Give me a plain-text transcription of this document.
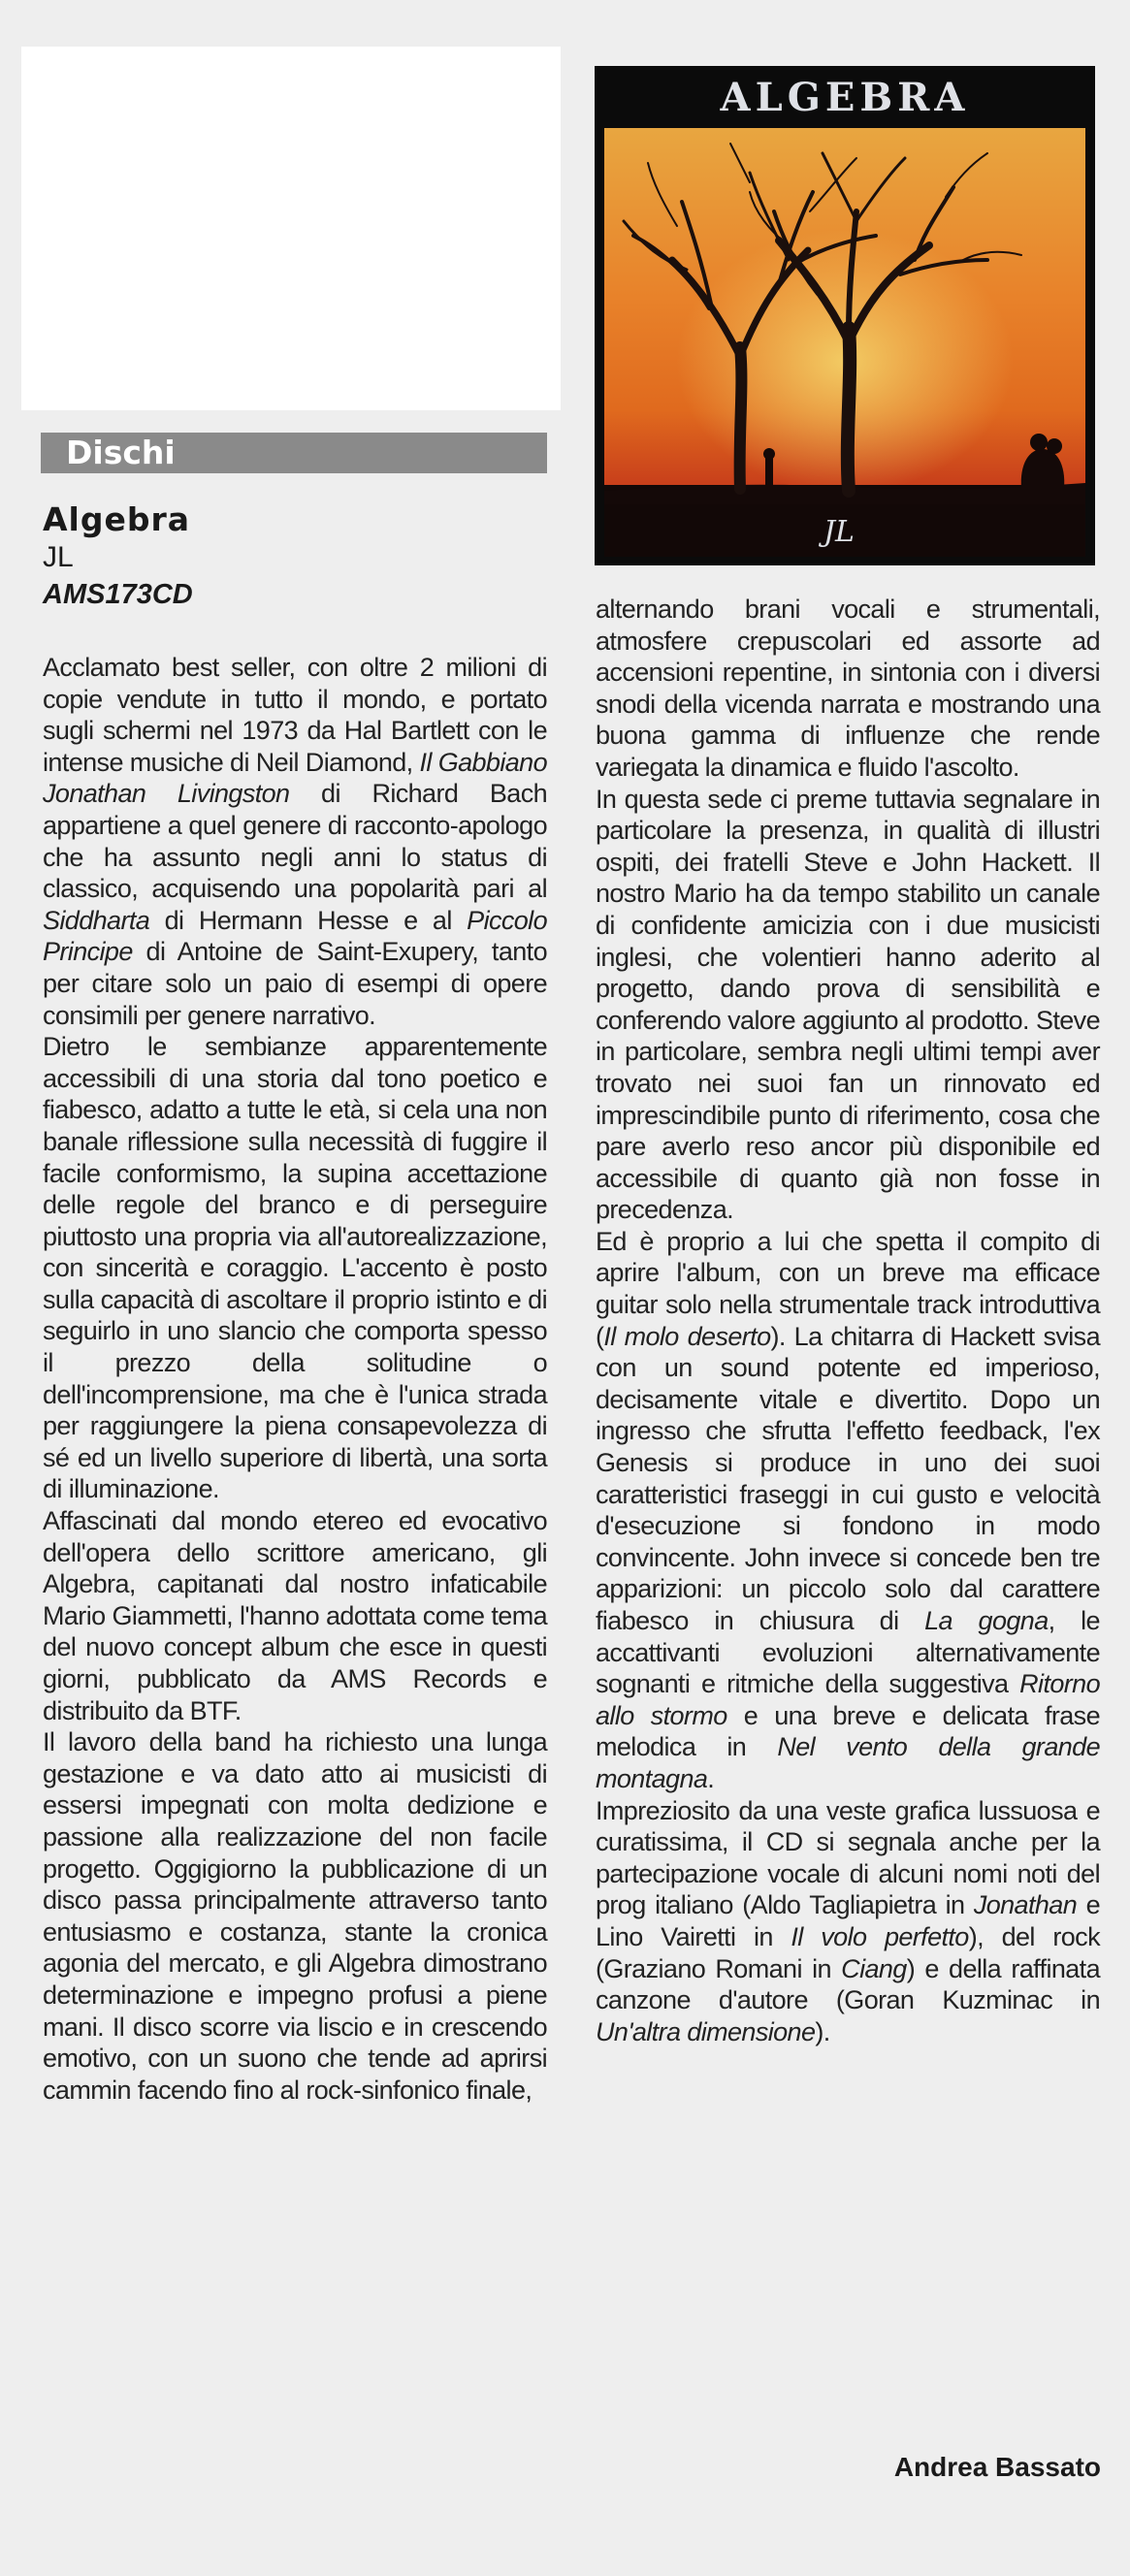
Dischi
Algebra
JL
AMS173CD
ALGEBRA
JL

Acclamato best seller, con oltre 2 milioni di copie vendute in tutto il mondo, e portato sugli schermi nel 1973 da Hal Bartlett con le intense musiche di Neil Diamond, Il Gabbiano Jonathan Livingston di Richard Bach appartiene a quel genere di racconto-apologo che ha assunto negli anni lo status di classico, acquisendo una popolarità pari al Siddharta di Hermann Hesse e al Piccolo Principe di Antoine de Saint-Exupery, tanto per citare solo un paio di esempi di opere consimili per genere narrativo.

Dietro le sembianze apparentemente accessibili di una storia dal tono poetico e fiabesco, adatto a tutte le età, si cela una non banale riflessione sulla necessità di fuggire il facile conformismo, la supina accettazione delle regole del branco e di perseguire piuttosto una propria via all'autorealizzazione, con sincerità e coraggio. L'accento è posto sulla capacità di ascoltare il proprio istinto e di seguirlo in uno slancio che comporta spesso il prezzo della solitudine o dell'incomprensione, ma che è l'unica strada per raggiungere la piena consapevolezza di sé ed un livello superiore di libertà, una sorta di illuminazione.

Affascinati dal mondo etereo ed evocativo dell'opera dello scrittore americano, gli Algebra, capitanati dal nostro infaticabile Mario Giammetti, l'hanno adottata come tema del nuovo concept album che esce in questi giorni, pubblicato da AMS Records e distribuito da BTF.

Il lavoro della band ha richiesto una lunga gestazione e va dato atto ai musicisti di essersi impegnati con molta dedizione e passione alla realizzazione del non facile progetto. Oggigiorno la pubblicazione di un disco passa principalmente attraverso tanto entusiasmo e costanza, stante la cronica agonia del mercato, e gli Algebra dimostrano determinazione e impegno profusi a piene mani. Il disco scorre via liscio e in crescendo emotivo, con un suono che tende ad aprirsi cammin facendo fino al rock-sinfonico finale,

alternando brani vocali e strumentali, atmosfere crepuscolari ed assorte ad accensioni repentine, in sintonia con i diversi snodi della vicenda narrata e mostrando una buona gamma di influenze che rende variegata la dinamica e fluido l'ascolto.

In questa sede ci preme tuttavia segnalare in particolare la presenza, in qualità di illustri ospiti, dei fratelli Steve e John Hackett. Il nostro Mario ha da tempo stabilito un canale di confidente amicizia con i due musicisti inglesi, che volentieri hanno aderito al progetto, dando prova di sensibilità e conferendo valore aggiunto al prodotto. Steve in particolare, sembra negli ultimi tempi aver trovato nei suoi fan un rinnovato ed imprescindibile punto di riferimento, cosa che pare averlo reso ancor più disponibile ed accessibile di quanto già non fosse in precedenza.

Ed è proprio a lui che spetta il compito di aprire l'album, con un breve ma efficace guitar solo nella strumentale track introduttiva (Il molo deserto). La chitarra di Hackett svisa con un sound potente ed imperioso, decisamente vitale e divertito. Dopo un ingresso che sfrutta l'effetto feedback, l'ex Genesis si produce in uno dei suoi caratteristici fraseggi in cui gusto e velocità d'esecuzione si fondono in modo convincente. John invece si concede ben tre apparizioni: un piccolo solo dal carattere fiabesco in chiusura di La gogna, le accattivanti evoluzioni alternativamente sognanti e ritmiche della suggestiva Ritorno allo stormo e una breve e delicata frase melodica in Nel vento della grande montagna.

Impreziosito da una veste grafica lussuosa e curatissima, il CD si segnala anche per la partecipazione vocale di alcuni nomi noti del prog italiano (Aldo Tagliapietra in Jonathan e Lino Vairetti in Il volo perfetto), del rock (Graziano Romani in Ciang) e della raffinata canzone d'autore (Goran Kuzminac in Un'altra dimensione).

Andrea Bassato
